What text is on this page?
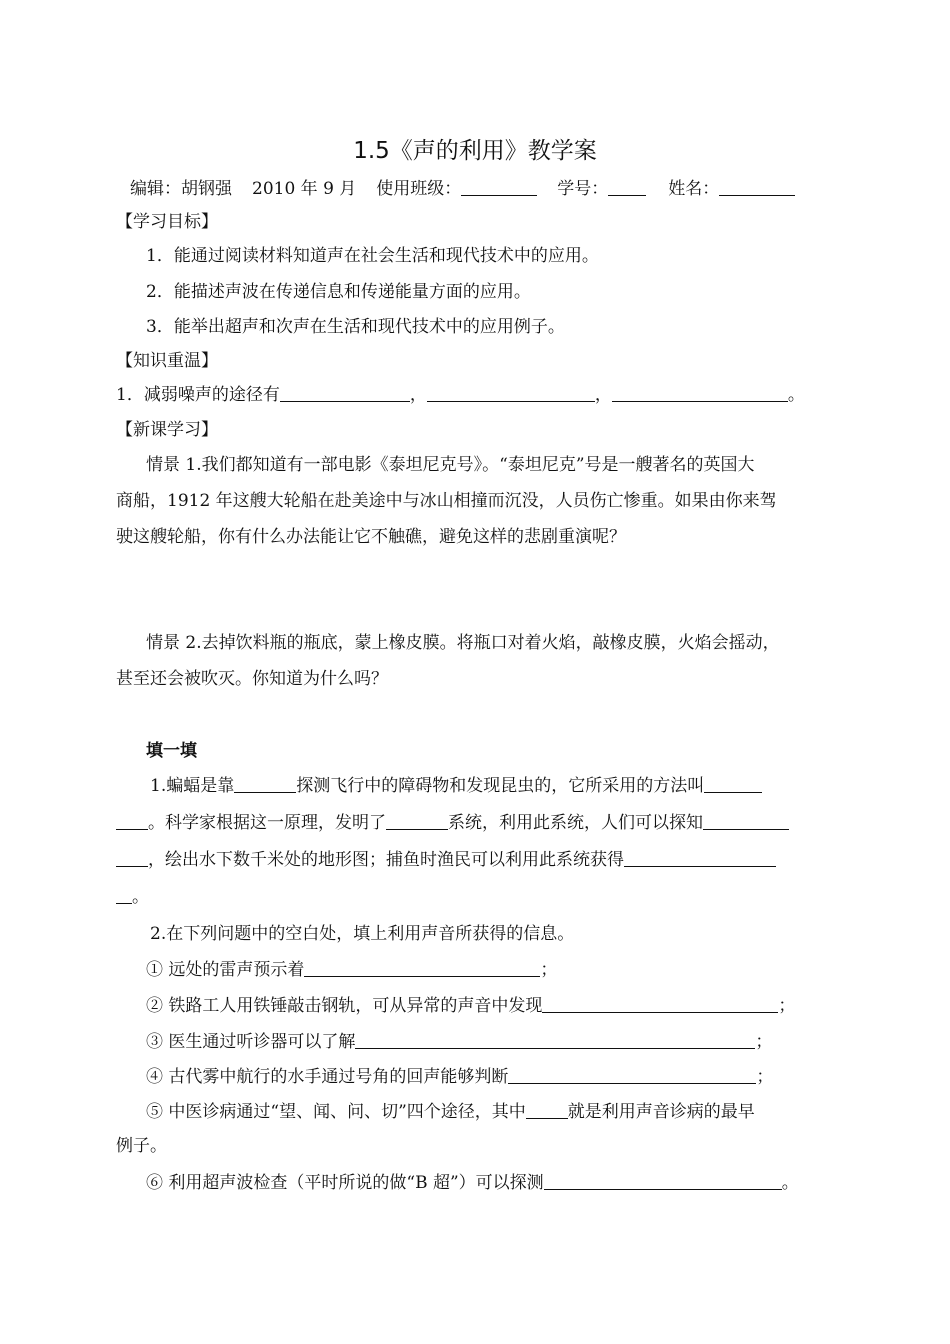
1.5《声的利用》教学案
编辑：胡钢强 2010 年 9 月 使用班级：	学号：	姓名：
【学习目标】
1．能通过阅读材料知道声在社会生活和现代技术中的应用。
2．能描述声波在传递信息和传递能量方面的应用。
3．能举出超声和次声在生活和现代技术中的应用例子。
【知识重温】
1．减弱噪声的途径有	，	，	。
【新课学习】
情景 1.我们都知道有一部电影《泰坦尼克号》。“泰坦尼克”号是一艘著名的英国大
商船，1912 年这艘大轮船在赴美途中与冰山相撞而沉没，人员伤亡惨重。如果由你来驾
驶这艘轮船，你有什么办法能让它不触礁，避免这样的悲剧重演呢？
情景 2.去掉饮料瓶的瓶底，蒙上橡皮膜。将瓶口对着火焰，敲橡皮膜，火焰会摇动，
甚至还会被吹灭。你知道为什么吗？
填一填
1.蝙蝠是靠	探测飞行中的障碍物和发现昆虫的，它所采用的方法叫
。科学家根据这一原理，发明了	系统，利用此系统，人们可以探知
，绘出水下数千米处的地形图；捕鱼时渔民可以利用此系统获得
。
2.在下列问题中的空白处，填上利用声音所获得的信息。
① 远处的雷声预示着	；
② 铁路工人用铁锤敲击钢轨，可从异常的声音中发现	；
③ 医生通过听诊器可以了解	；
④ 古代雾中航行的水手通过号角的回声能够判断	；
⑤ 中医诊病通过“望、闻、问、切”四个途径，其中 就是利用声音诊病的最早
例子。
⑥ 利用超声波检查（平时所说的做“B 超”）可以探测	。
